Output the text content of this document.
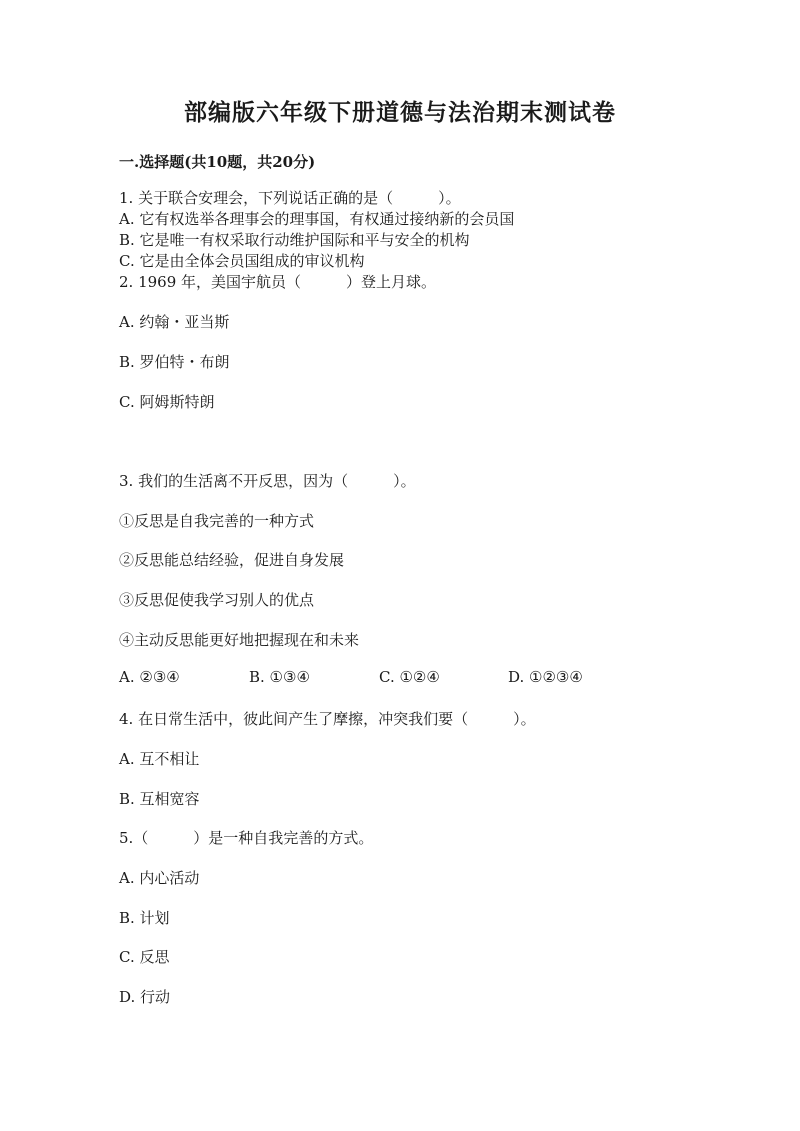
部编版六年级下册道德与法治期末测试卷
一.选择题(共10题，共20分)
1. 关于联合安理会，下列说话正确的是（　　　）。
A. 它有权选举各理事会的理事国，有权通过接纳新的会员国
B. 它是唯一有权采取行动维护国际和平与安全的机构
C. 它是由全体会员国组成的审议机构
2. 1969 年，美国宇航员（　　　）登上月球。
A. 约翰・亚当斯
B. 罗伯特・布朗
C. 阿姆斯特朗
3. 我们的生活离不开反思，因为（　　　）。
①反思是自我完善的一种方式
②反思能总结经验，促进自身发展
③反思促使我学习别人的优点
④主动反思能更好地把握现在和未来
A. ②③④	B. ①③④	C. ①②④	D. ①②③④
4. 在日常生活中，彼此间产生了摩擦，冲突我们要（　　　）。
A. 互不相让
B. 互相宽容
5.（　　　）是一种自我完善的方式。
A. 内心活动
B. 计划
C. 反思
D. 行动
